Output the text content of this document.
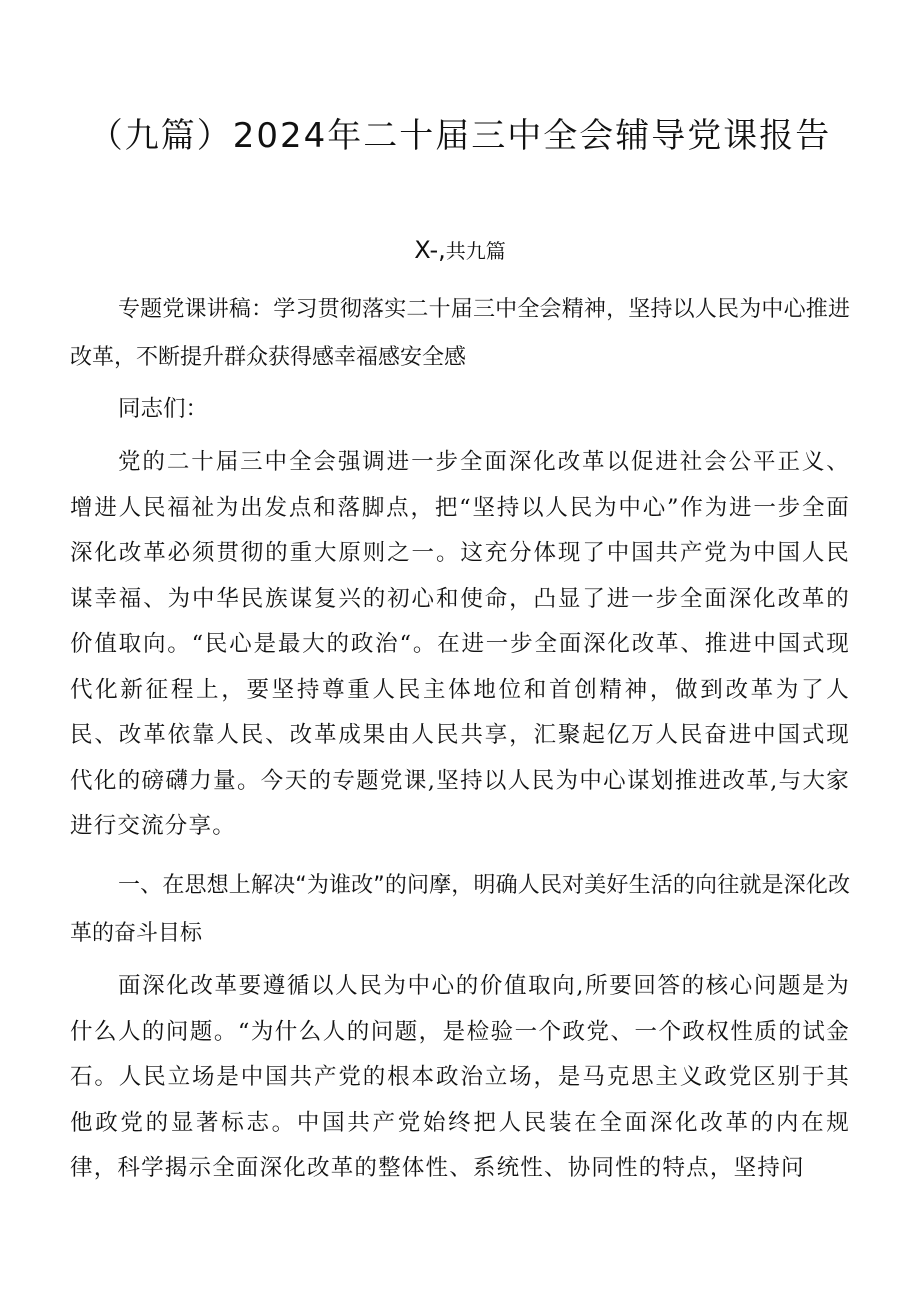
（九篇）2024年二十届三中全会辅导党课报告
X-,共九篇

专题党课讲稿：学习贯彻落实二十届三中全会精神，坚持以人民为中心推进改革，不断提升群众获得感幸福感安全感

同志们：

党的二十届三中全会强调进一步全面深化改革以促进社会公平正义、增进人民福祉为出发点和落脚点，把“坚持以人民为中心”作为进一步全面深化改革必须贯彻的重大原则之一。这充分体现了中国共产党为中国人民谋幸福、为中华民族谋复兴的初心和使命，凸显了进一步全面深化改革的价值取向。“民心是最大的政治“。在进一步全面深化改革、推进中国式现代化新征程上，要坚持尊重人民主体地位和首创精神，做到改革为了人民、改革依靠人民、改革成果由人民共享，汇聚起亿万人民奋进中国式现代化的磅礴力量。今天的专题党课,坚持以人民为中心谋划推进改革,与大家进行交流分享。

一、在思想上解决“为谁改”的问摩，明确人民对美好生活的向往就是深化改革的奋斗目标

面深化改革要遵循以人民为中心的价值取向,所要回答的核心问题是为什么人的问题。“为什么人的问题，是检验一个政党、一个政权性质的试金石。人民立场是中国共产党的根本政治立场，是马克思主义政党区别于其他政党的显著标志。中国共产党始终把人民装在全面深化改革的内在规律，科学揭示全面深化改革的整体性、系统性、协同性的特点，坚持问
